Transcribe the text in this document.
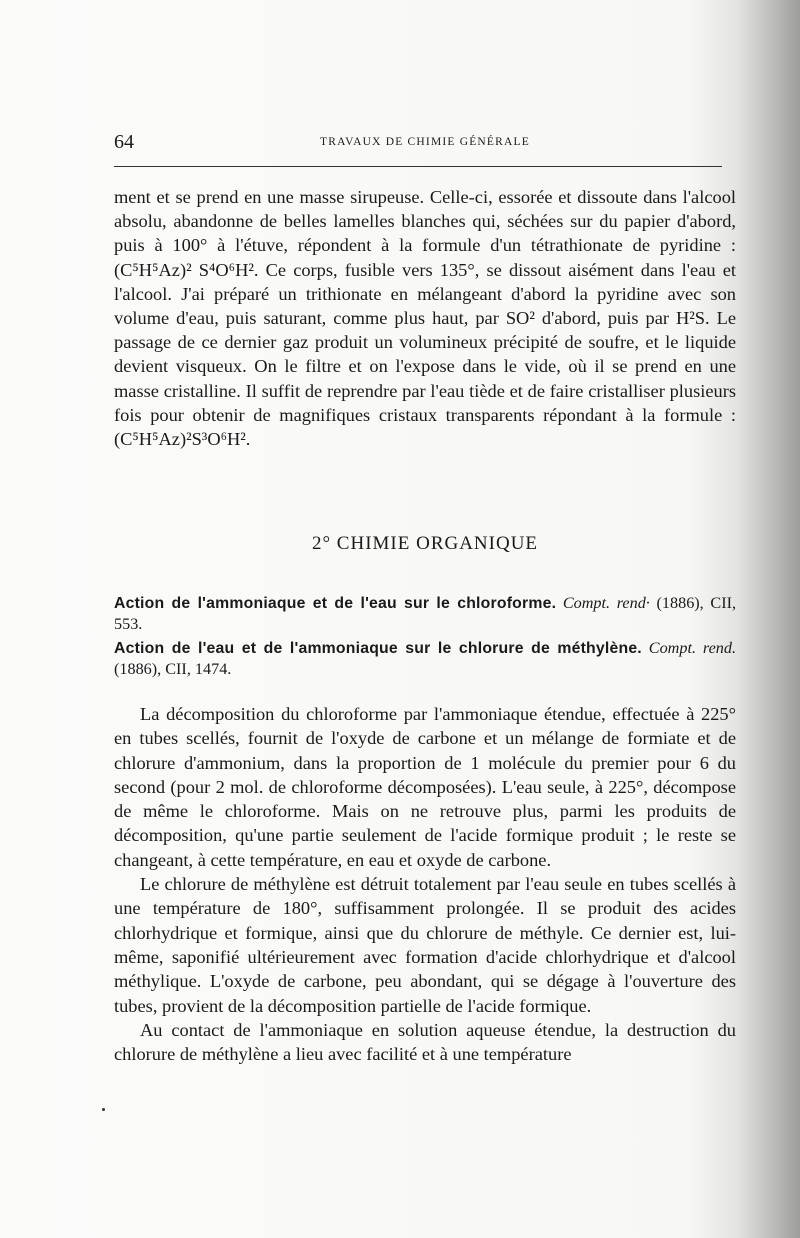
64	TRAVAUX DE CHIMIE GÉNÉRALE

ment et se prend en une masse sirupeuse. Celle-ci, essorée et dissoute dans l'alcool absolu, abandonne de belles lamelles blanches qui, séchées sur du papier d'abord, puis à 100° à l'étuve, répondent à la formule d'un tétrathionate de pyridine : (C⁵H⁵Az)² S⁴O⁶H². Ce corps, fusible vers 135°, se dissout aisément dans l'eau et l'alcool. J'ai préparé un trithionate en mélangeant d'abord la pyridine avec son volume d'eau, puis saturant, comme plus haut, par SO² d'abord, puis par H²S. Le passage de ce dernier gaz produit un volumineux précipité de soufre, et le liquide devient visqueux. On le filtre et on l'expose dans le vide, où il se prend en une masse cristalline. Il suffit de reprendre par l'eau tiède et de faire cristalliser plusieurs fois pour obtenir de magnifiques cristaux transparents répondant à la formule : (C⁵H⁵Az)²S³O⁶H².

2° CHIMIE ORGANIQUE

Action de l'ammoniaque et de l'eau sur le chloroforme. Compt. rend· (1886), CII, 553.

Action de l'eau et de l'ammoniaque sur le chlorure de méthylène. Compt. rend. (1886), CII, 1474.

La décomposition du chloroforme par l'ammoniaque étendue, effectuée à 225° en tubes scellés, fournit de l'oxyde de carbone et un mélange de formiate et de chlorure d'ammonium, dans la proportion de 1 molécule du premier pour 6 du second (pour 2 mol. de chloroforme décomposées). L'eau seule, à 225°, décompose de même le chloroforme. Mais on ne retrouve plus, parmi les produits de décomposition, qu'une partie seulement de l'acide formique produit ; le reste se changeant, à cette température, en eau et oxyde de carbone.

Le chlorure de méthylène est détruit totalement par l'eau seule en tubes scellés à une température de 180°, suffisamment prolongée. Il se produit des acides chlorhydrique et formique, ainsi que du chlorure de méthyle. Ce dernier est, lui-même, saponifié ultérieurement avec formation d'acide chlorhydrique et d'alcool méthylique. L'oxyde de carbone, peu abondant, qui se dégage à l'ouverture des tubes, provient de la décomposition partielle de l'acide formique.

Au contact de l'ammoniaque en solution aqueuse étendue, la destruction du chlorure de méthylène a lieu avec facilité et à une température
